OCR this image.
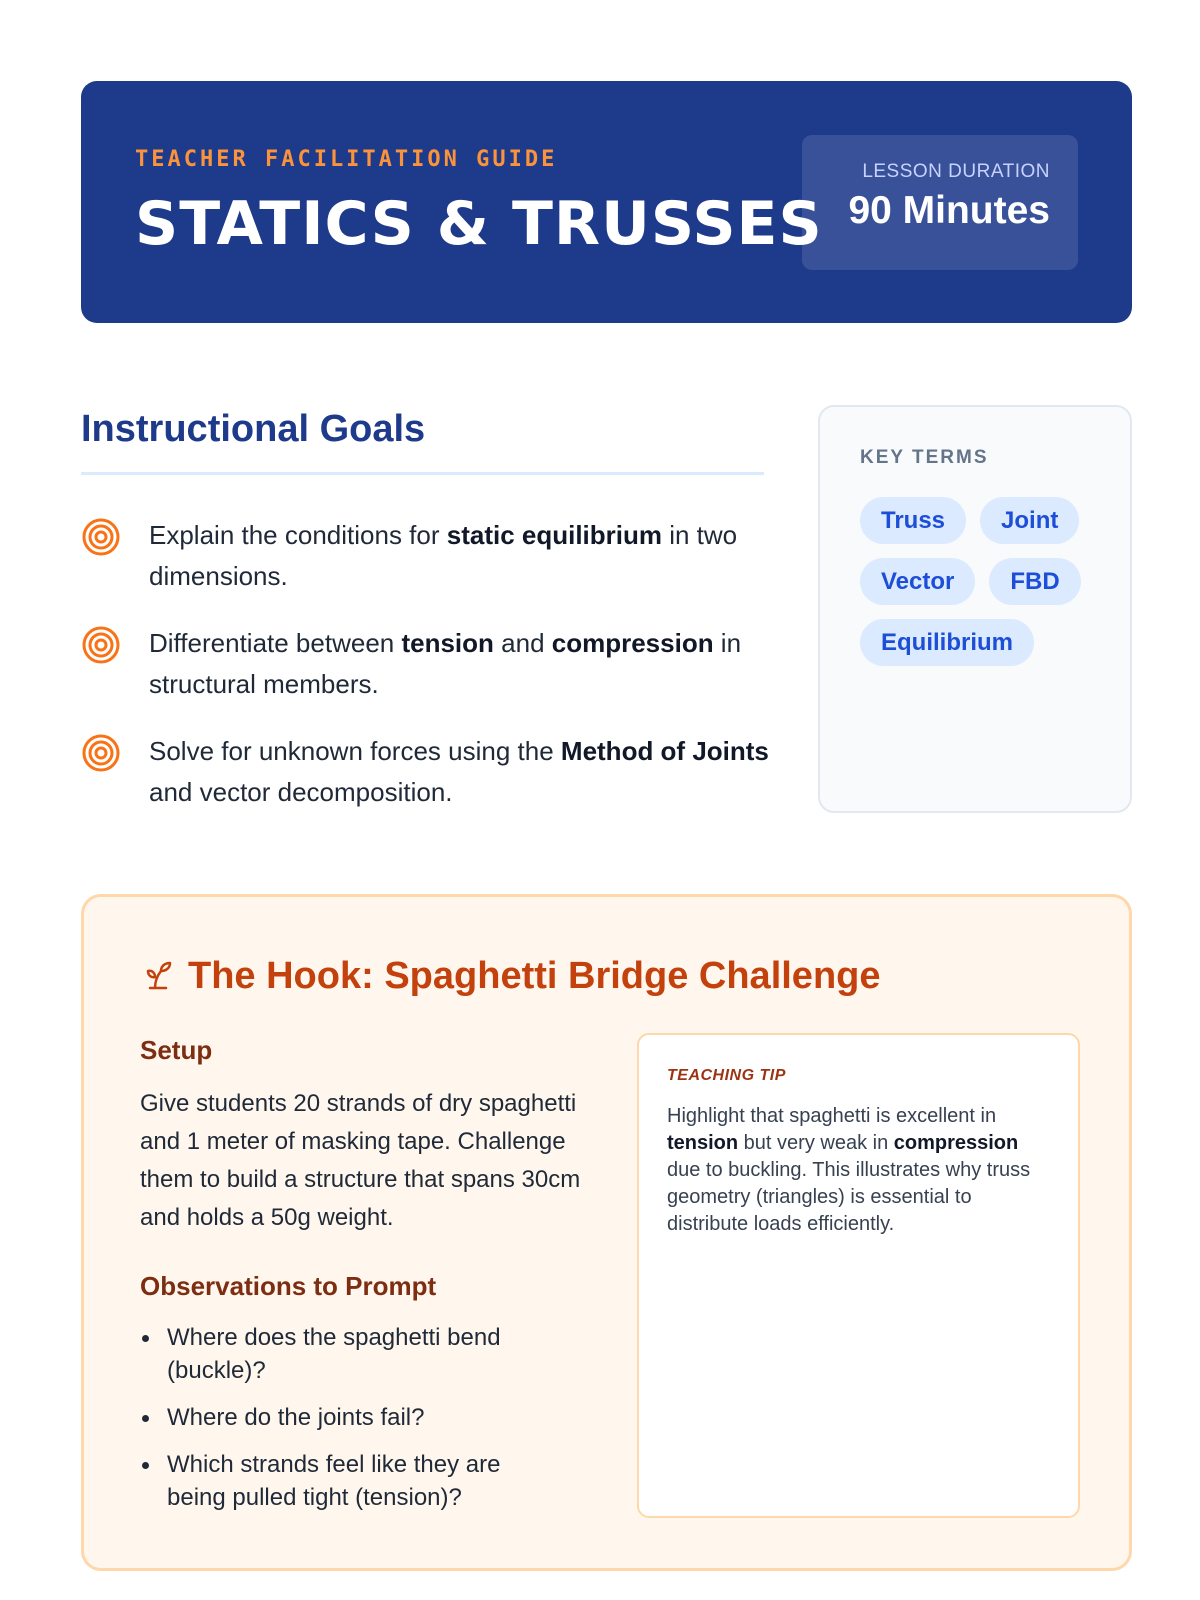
TEACHER FACILITATION GUIDE
STATICS & TRUSSES
LESSON DURATION
90 Minutes
Instructional Goals
Explain the conditions for static equilibrium in two dimensions.
Differentiate between tension and compression in structural members.
Solve for unknown forces using the Method of Joints and vector decomposition.
KEY TERMS
Truss	Joint
Vector	FBD
Equilibrium
The Hook: Spaghetti Bridge Challenge
Setup
Give students 20 strands of dry spaghetti and 1 meter of masking tape. Challenge them to build a structure that spans 30cm and holds a 50g weight.
Observations to Prompt
Where does the spaghetti bend (buckle)?
Where do the joints fail?
Which strands feel like they are being pulled tight (tension)?
TEACHING TIP
Highlight that spaghetti is excellent in tension but very weak in compression due to buckling. This illustrates why truss geometry (triangles) is essential to distribute loads efficiently.
